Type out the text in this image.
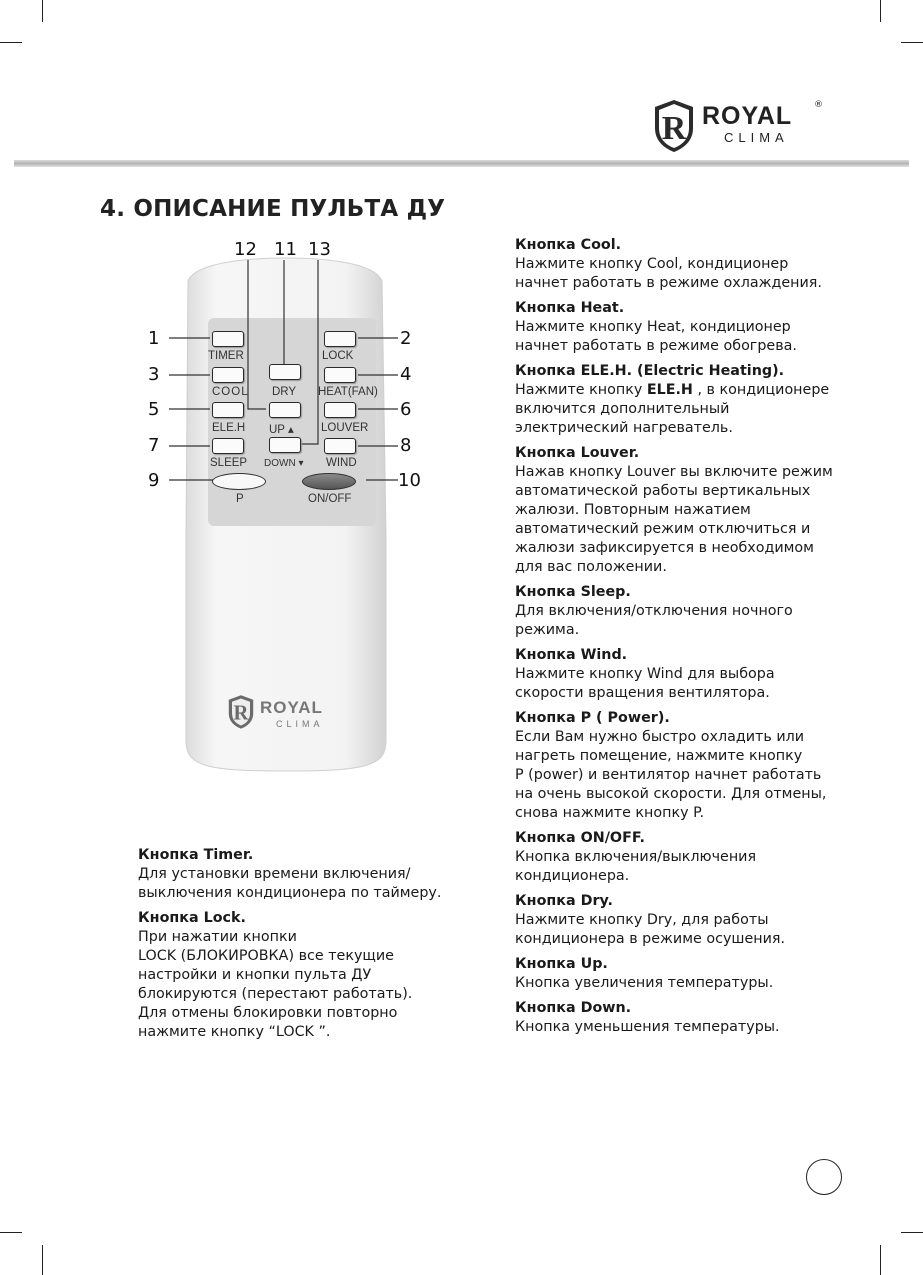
R ROYAL ®
CLIMA
4. ОПИСАНИЕ ПУЛЬТА ДУ
TIMER	LOCK
COOL DRY HEAT(FAN)
ELE.H UP ▴ LOUVER
SLEEP DOWN ▾ WIND
P	ON/OFF
1	2
3	4
5	6
7	8
9	10
11
12	13
R ROYAL
CLIMA
Кнопка Timer.
Для установки времени включения/
выключения кондиционера по таймеру.
Кнопка Lock.
При нажатии кнопки
LOCK (БЛОКИРОВКА) все текущие
настройки и кнопки пульта ДУ
блокируются (перестают работать).
Для отмены блокировки повторно
нажмите кнопку “LOCK ”.
Кнопка Cool.
Нажмите кнопку Cool, кондиционер
начнет работать в режиме охлаждения.
Кнопка Heat.
Нажмите кнопку Heat, кондиционер
начнет работать в режиме обогрева.
Кнопка ELE.H. (Electric Heating).
Нажмите кнопку ELE.H , в кондиционере
включится дополнительный
электрический нагреватель.
Кнопка Louver.
Нажав кнопку Louver вы включите режим
автоматической работы вертикальных
жалюзи. Повторным нажатием
автоматический режим отключиться и
жалюзи зафиксируется в необходимом
для вас положении.
Кнопка Sleep.
Для включения/отключения ночного
режима.
Кнопка Wind.
Нажмите кнопку Wind для выбора
скорости вращения вентилятора.
Кнопка P ( Power).
Если Вам нужно быстро охладить или
нагреть помещение, нажмите кнопку
P (power) и вентилятор начнет работать
на очень высокой скорости. Для отмены,
снова нажмите кнопку P.
Кнопка ON/OFF.
Кнопка включения/выключения
кондиционера.
Кнопка Dry.
Нажмите кнопку Dry, для работы
кондиционера в режиме осушения.
Кнопка Up.
Кнопка увеличения температуры.
Кнопка Down.
Кнопка уменьшения температуры.
